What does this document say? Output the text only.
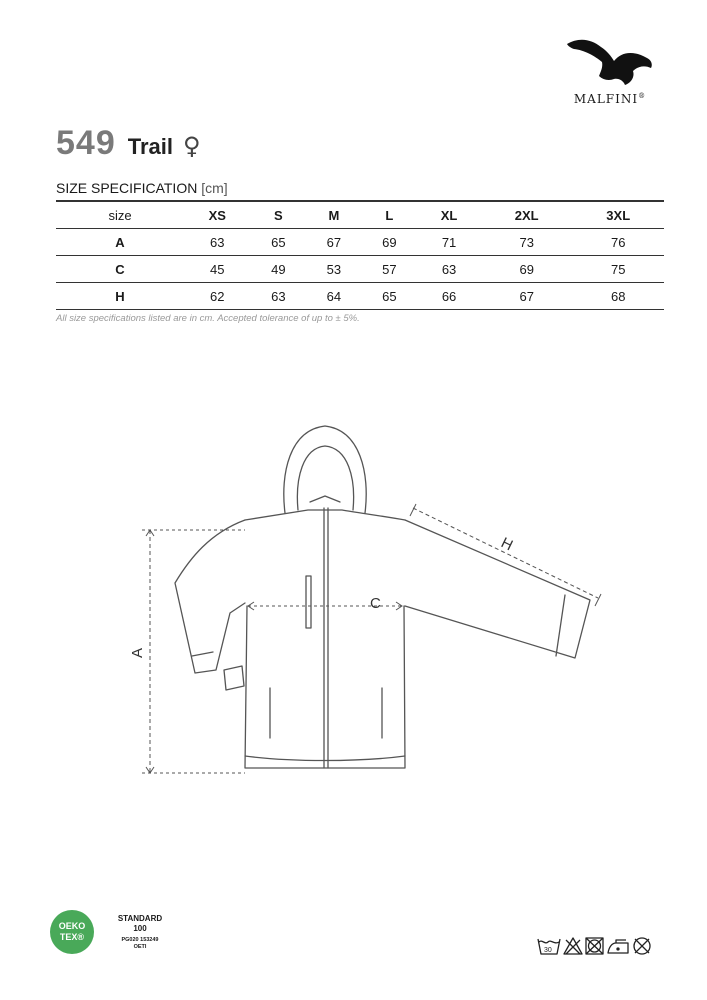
MALFINI®
549 Trail ♀
SIZE SPECIFICATION [cm]
size	XS	S	M	L	XL	2XL	3XL
A	63	65	67	69	71	73	76
C	45	49	53	57	63	69	75
H	62	63	64	65	66	67	68
All size specifications listed are in cm. Accepted tolerance of up to ± 5%.
A
C
H
OEKO
TEX®
STANDARD
100
PG020 153249
OETI	30
